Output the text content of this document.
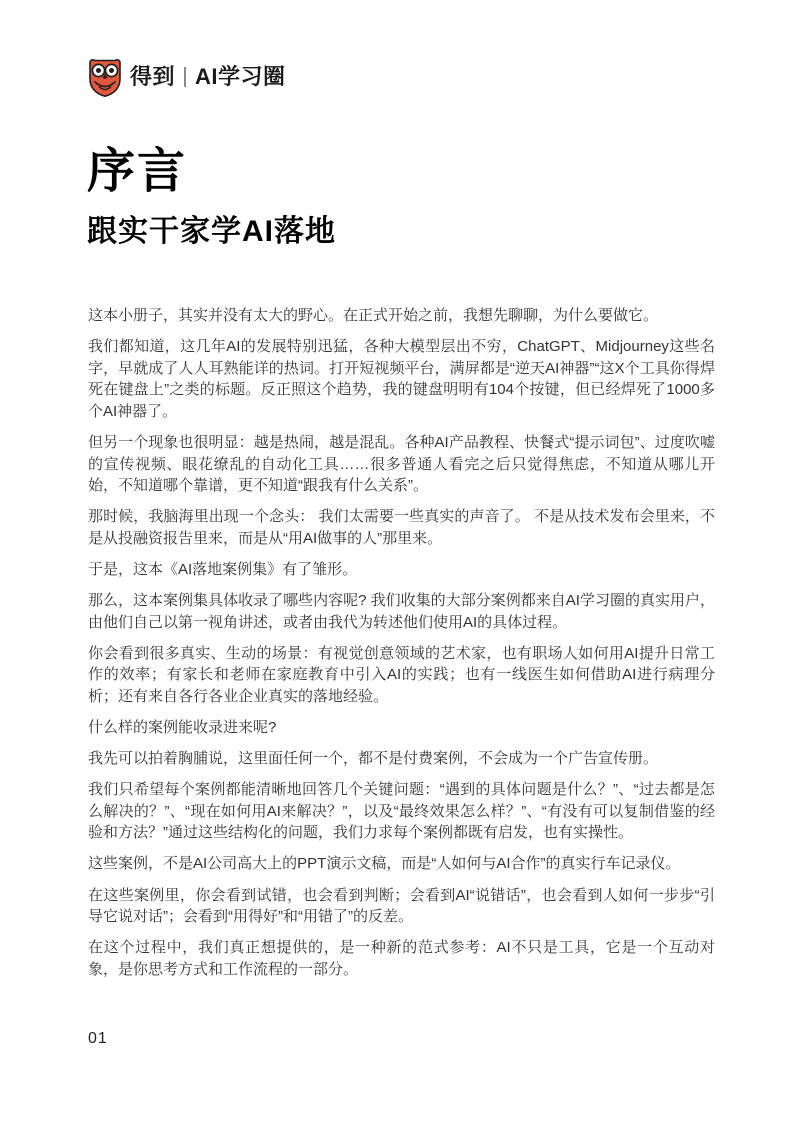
得到 AI学习圈
序言
跟实干家学AI落地

这本小册子，其实并没有太大的野心。在正式开始之前，我想先聊聊，为什么要做它。

我们都知道，这几年AI的发展特别迅猛，各种大模型层出不穷，ChatGPT、Midjourney这些名字，早就成了人人耳熟能详的热词。打开短视频平台，满屏都是“逆天AI神器”“这X个工具你得焊死在键盘上”之类的标题。反正照这个趋势，我的键盘明明有104个按键，但已经焊死了1000多个AI神器了。

但另一个现象也很明显：越是热闹，越是混乱。各种AI产品教程、快餐式“提示词包”、过度吹嘘的宣传视频、眼花缭乱的自动化工具……很多普通人看完之后只觉得焦虑，不知道从哪儿开始，不知道哪个靠谱，更不知道“跟我有什么关系”。

那时候，我脑海里出现一个念头： 我们太需要一些真实的声音了。 不是从技术发布会里来，不是从投融资报告里来，而是从“用AI做事的人”那里来。

于是，这本《AI落地案例集》有了雏形。

那么，这本案例集具体收录了哪些内容呢? 我们收集的大部分案例都来自AI学习圈的真实用户，由他们自己以第一视角讲述，或者由我代为转述他们使用AI的具体过程。

你会看到很多真实、生动的场景：有视觉创意领域的艺术家，也有职场人如何用AI提升日常工作的效率；有家长和老师在家庭教育中引入AI的实践；也有一线医生如何借助AI进行病理分析；还有来自各行各业企业真实的落地经验。

什么样的案例能收录进来呢?

我先可以拍着胸脯说，这里面任何一个，都不是付费案例，不会成为一个广告宣传册。

我们只希望每个案例都能清晰地回答几个关键问题：“遇到的具体问题是什么？”、“过去都是怎么解决的？”、“现在如何用AI来解决？”，以及“最终效果怎么样？”、“有没有可以复制借鉴的经验和方法？”通过这些结构化的问题，我们力求每个案例都既有启发，也有实操性。

这些案例，不是AI公司高大上的PPT演示文稿，而是“人如何与AI合作”的真实行车记录仪。

在这些案例里，你会看到试错，也会看到判断；会看到AI“说错话”，也会看到人如何一步步“引导它说对话”；会看到“用得好”和“用错了”的反差。

在这个过程中，我们真正想提供的，是一种新的范式参考：AI不只是工具，它是一个互动对象，是你思考方式和工作流程的一部分。

01
